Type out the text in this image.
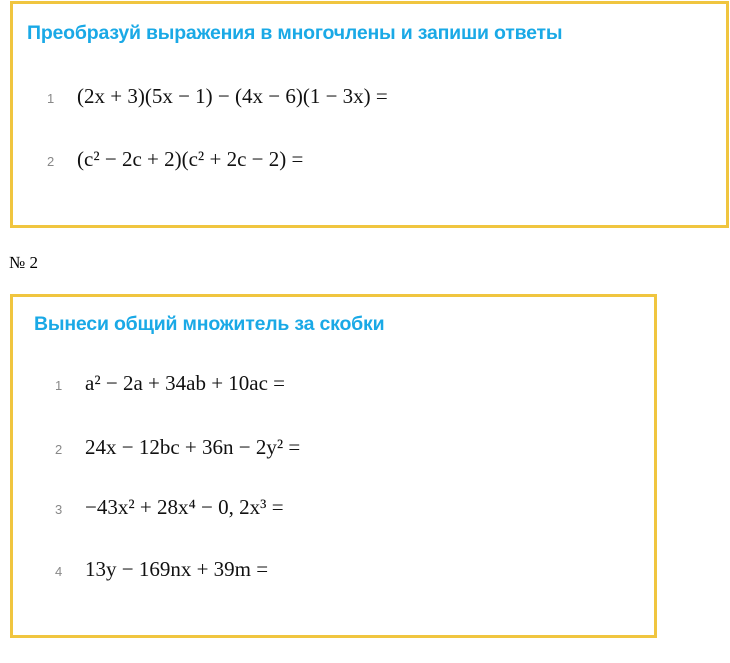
Преобразуй выражения в многочлены и запиши ответы
1	(2x + 3)(5x − 1) − (4x − 6)(1 − 3x) =
2	(c² − 2c + 2)(c² + 2c − 2) =
№ 2
Вынеси общий множитель за скобки
1	a² − 2a + 34ab + 10ac =
2	24x − 12bc + 36n − 2y² =
3	−43x² + 28x⁴ − 0, 2x³ =
4	13y − 169nx + 39m =
